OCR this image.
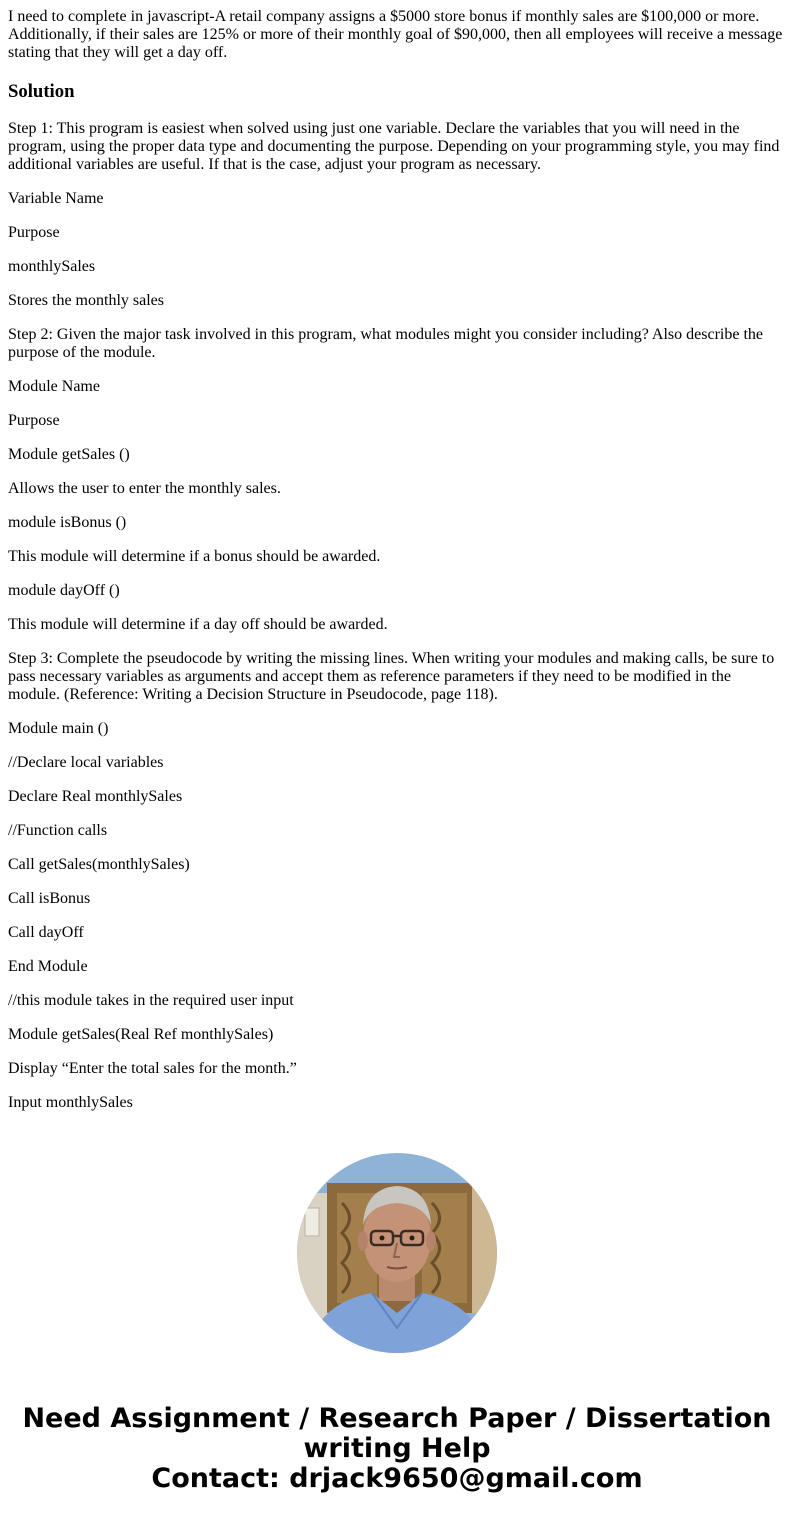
I need to complete in javascript-A retail company assigns a $5000 store bonus if monthly sales are $100,000 or more. Additionally, if their sales are 125% or more of their monthly goal of $90,000, then all employees will receive a message stating that they will get a day off.

Solution

Step 1: This program is easiest when solved using just one variable. Declare the variables that you will need in the program, using the proper data type and documenting the purpose. Depending on your programming style, you may find additional variables are useful. If that is the case, adjust your program as necessary.

Variable Name

Purpose

monthlySales

Stores the monthly sales

Step 2: Given the major task involved in this program, what modules might you consider including? Also describe the purpose of the module.

Module Name

Purpose

Module getSales ()

Allows the user to enter the monthly sales.

module isBonus ()

This module will determine if a bonus should be awarded.

module dayOff ()

This module will determine if a day off should be awarded.

Step 3: Complete the pseudocode by writing the missing lines. When writing your modules and making calls, be sure to pass necessary variables as arguments and accept them as reference parameters if they need to be modified in the module. (Reference: Writing a Decision Structure in Pseudocode, page 118).

Module main ()

//Declare local variables

Declare Real monthlySales

//Function calls

Call getSales(monthlySales)

Call isBonus

Call dayOff

End Module

//this module takes in the required user input

Module getSales(Real Ref monthlySales)

Display “Enter the total sales for the month.”

Input monthlySales

Need Assignment / Research Paper / Dissertation
writing Help
Contact: drjack9650@gmail.com
